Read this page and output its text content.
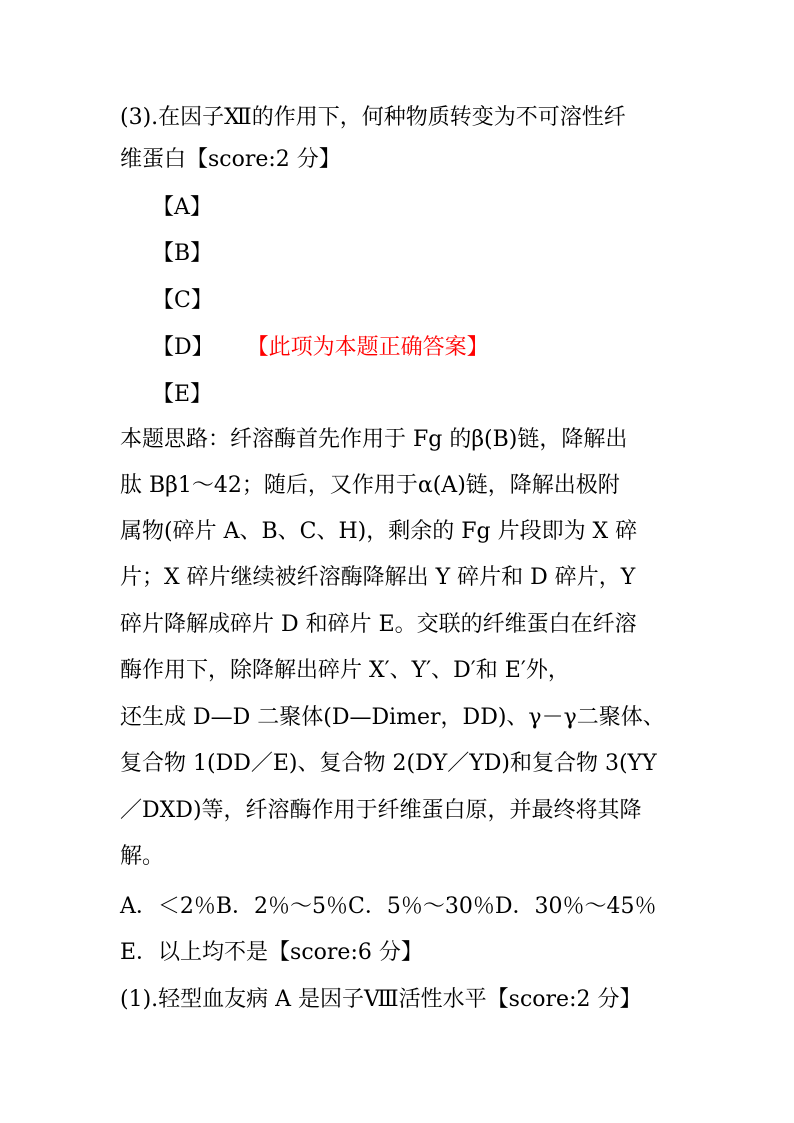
(3).在因子Ⅻ的作用下，何种物质转变为不可溶性纤

维蛋白【score:2 分】

【A】

【B】

【C】

【D】 【此项为本题正确答案】

【E】

本题思路：纤溶酶首先作用于 Fg 的β(B)链，降解出

肽 Bβ1～42；随后，又作用于α(A)链，降解出极附

属物(碎片 A、B、C、H)，剩余的 Fg 片段即为 X 碎

片；X 碎片继续被纤溶酶降解出 Y 碎片和 D 碎片，Y

碎片降解成碎片 D 和碎片 E。交联的纤维蛋白在纤溶

酶作用下，除降解出碎片 X′、Y′、D′和 E′外，

还生成 D—D 二聚体(D—Dimer，DD)、γ－γ二聚体、

复合物 1(DD／E)、复合物 2(DY／YD)和复合物 3(YY

／DXD)等，纤溶酶作用于纤维蛋白原，并最终将其降

解。

A．＜2％B．2％～5％C．5％～30％D．30％～45％

E．以上均不是【score:6 分】

(1).轻型血友病 A 是因子Ⅷ活性水平【score:2 分】
